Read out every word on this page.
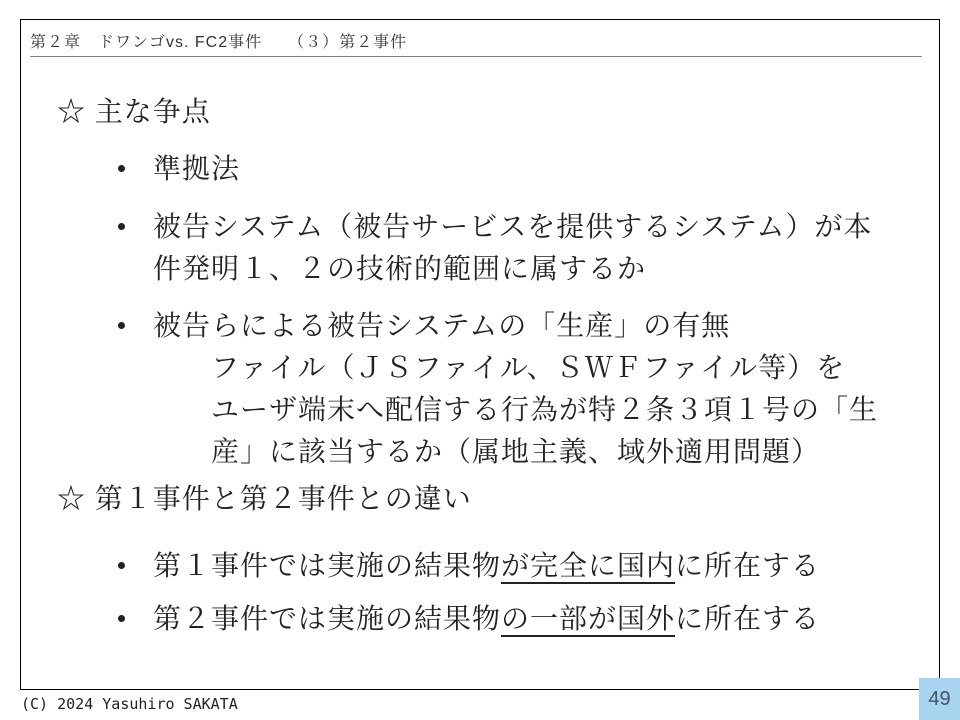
第２章　ドワンゴvs. FC2事件　　（３）第２事件
☆ 主な争点
準拠法
被告システム（被告サービスを提供するシステム）が本
件発明１、２の技術的範囲に属するか
被告らによる被告システムの「生産」の有無
ファイル（ＪＳファイル、ＳＷＦファイル等）を
ユーザ端末へ配信する行為が特２条３項１号の「生
産」に該当するか（属地主義、域外適用問題）
☆ 第１事件と第２事件との違い
第１事件では実施の結果物が完全に国内に所在する
第２事件では実施の結果物の一部が国外に所在する
(C) 2024 Yasuhiro SAKATA	49
